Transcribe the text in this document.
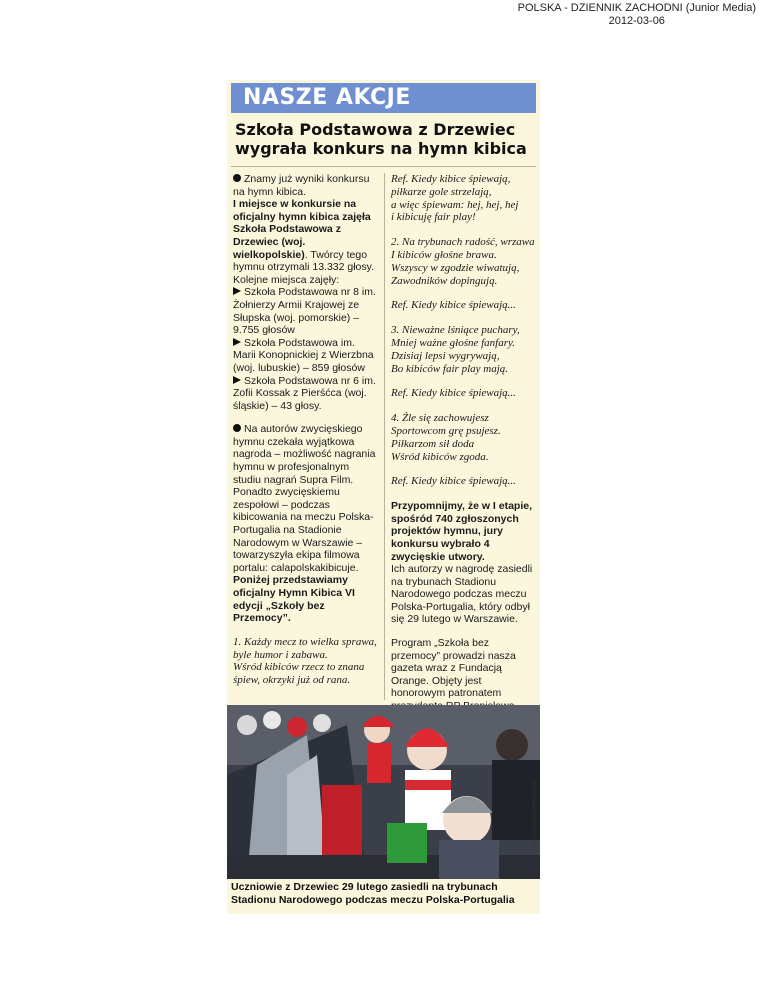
POLSKA - DZIENNIK ZACHODNI (Junior Media)
2012-03-06
NASZE AKCJE
Szkoła Podstawowa z Drzewiec wygrała konkurs na hymn kibica

Znamy już wyniki konkursu na hymn kibica.
I miejsce w konkursie na oficjalny hymn kibica zajęła Szkoła Podstawowa z Drzewiec (woj. wielkopolskie). Twórcy tego hymnu otrzymali 13.332 głosy. Kolejne miejsca zajęły:
Szkoła Podstawowa nr 8 im. Żołnierzy Armii Krajowej ze Słupska (woj. pomorskie) – 9.755 głosów
Szkoła Podstawowa im. Marii Konopnickiej z Wierzbna (woj. lubuskie) – 859 głosów
Szkoła Podstawowa nr 6 im. Zofii Kossak z Pierśćca (woj. śląskie) – 43 głosy.

Na autorów zwycięskiego hymnu czekała wyjątkowa nagroda – możliwość nagrania hymnu w profesjonalnym studiu nagrań Supra Film. Ponadto zwycięskiemu zespołowi – podczas kibicowania na meczu Polska-Portugalia na Stadionie Narodowym w Warszawie – towarzyszyła ekipa filmowa portalu: calapolskakibicuje. Poniżej przedstawiamy oficjalny Hymn Kibica VI edycji „Szkoły bez Przemocy”.

1. Każdy mecz to wielka sprawa,
byle humor i zabawa.
Wśród kibiców rzecz to znana
śpiew, okrzyki już od rana.
Ref. Kiedy kibice śpiewają,
piłkarze gole strzelają,
a więc śpiewam: hej, hej, hej
i kibicuję fair play!
2. Na trybunach radość, wrzawa
I kibiców głośne brawa.
Wszyscy w zgodzie wiwatują,
Zawodników dopingują.
Ref. Kiedy kibice śpiewają...
3. Nieważne lśniące puchary,
Mniej ważne głośne fanfary.
Dzisiaj lepsi wygrywają,
Bo kibiców fair play mają.
Ref. Kiedy kibice śpiewają...
4. Źle się zachowujesz
Sportowcom grę psujesz.
Piłkarzom sił doda
Wśród kibiców zgoda.
Ref. Kiedy kibice śpiewają...

Przypomnijmy, że w I etapie, spośród 740 zgłoszonych projektów hymnu, jury konkursu wybrało 4 zwycięskie utwory.
Ich autorzy w nagrodę zasiedli na trybunach Stadionu Narodowego podczas meczu Polska-Portugalia, który odbył się 29 lutego w Warszawie.

Program „Szkoła bez przemocy” prowadzi nasza gazeta wraz z Fundacją Orange. Objęty jest honorowym patronatem

FOT. AGNIESZKA PALIŃSKA
Uczniowie z Drzewiec 29 lutego zasiedli na trybunach Stadionu Narodowego podczas meczu Polska-Portugalia
